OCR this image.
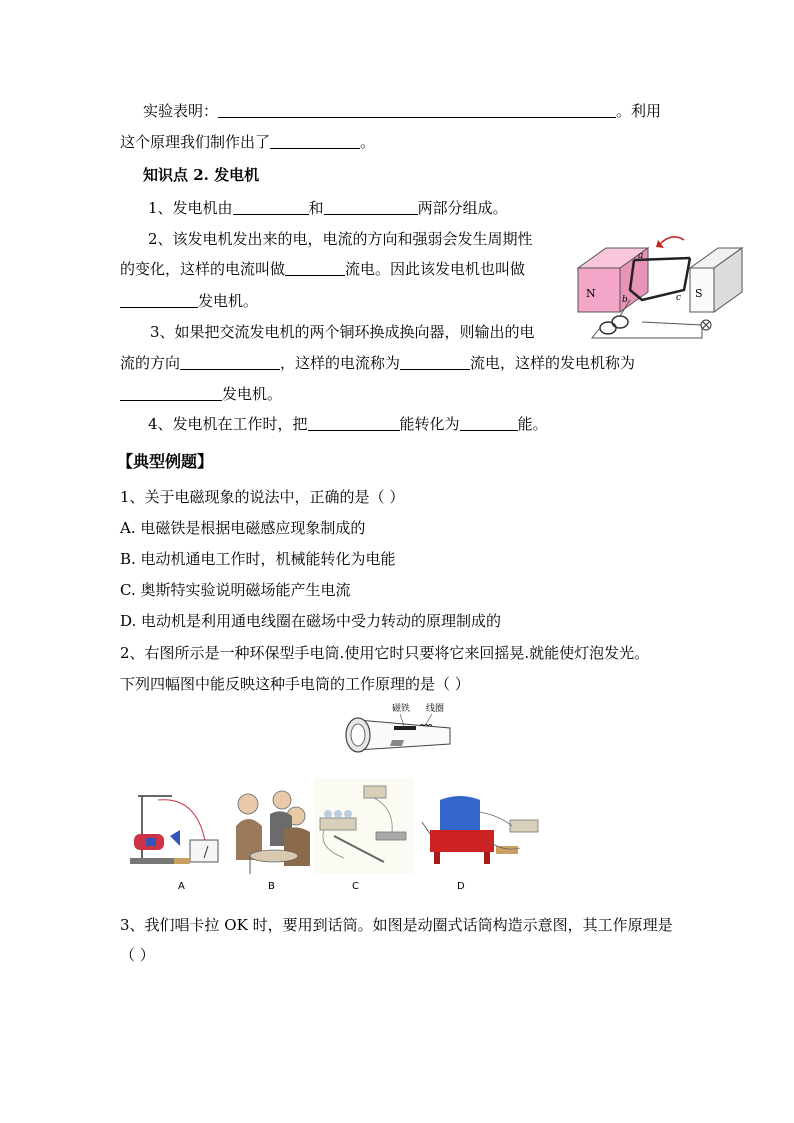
实验表明：	。利用
这个原理我们制作出了	。
知识点 2. 发电机
1、发电机由	和	两部分组成。
2、该发电机发出来的电，电流的方向和强弱会发生周期性
的变化，这样的电流叫做	流电。因此该发电机也叫做
发电机。
3、如果把交流发电机的两个铜环换成换向器，则输出的电
流的方向	，这样的电流称为	流电，这样的发电机称为
发电机。
4、发电机在工作时，把	能转化为	能。
N	S
a
b	c
【典型例题】
1、关于电磁现象的说法中，正确的是（ ）
A. 电磁铁是根据电磁感应现象制成的
B. 电动机通电工作时，机械能转化为电能
C. 奥斯特实验说明磁场能产生电流
D. 电动机是利用通电线圈在磁场中受力转动的原理制成的
2、右图所示是一种环保型手电筒.使用它时只要将它来回摇晃.就能使灯泡发光。
下列四幅图中能反映这种手电筒的工作原理的是（ ）
磁铁 线圈
A	B	C	D
3、我们唱卡拉 OK 时，要用到话筒。如图是动圈式话筒构造示意图，其工作原理是
（ ）
